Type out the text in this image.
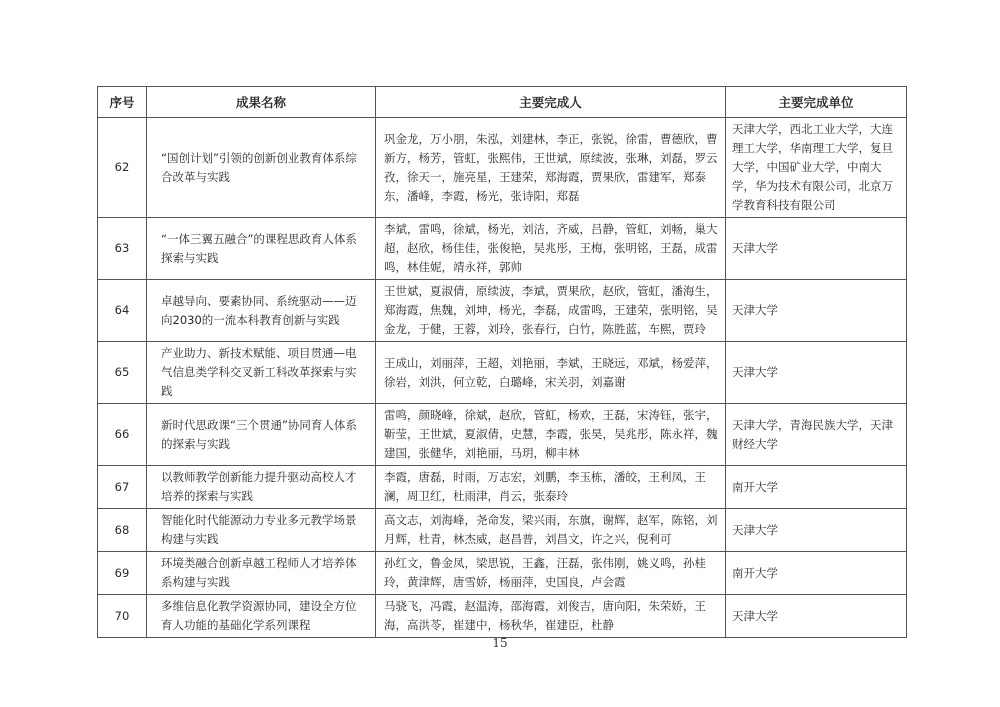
序号	成果名称	主要完成人	主要完成单位
62	“国创计划”引领的创新创业教育体系综合改革与实践	巩金龙，万小朋，朱泓，刘建林，李正，张锐，徐雷，曹德欣，曹新方，杨芳，管虹，张熙伟，王世斌，原续波，张琳，刘磊，罗云孜，徐天一，施亮星，王建荣，郑海霞，贾果欣，雷建军，郑泰东，潘峰，李霞，杨光，张诗阳，郑磊	天津大学，西北工业大学，大连理工大学，华南理工大学，复旦大学，中国矿业大学，中南大学，华为技术有限公司，北京万学教育科技有限公司
63	“一体三翼五融合”的课程思政育人体系探索与实践	李斌，雷鸣，徐斌，杨光，刘洁，齐威，吕静，管虹，刘畅，巢大超，赵欣，杨佳佳，张俊艳，吴兆彤，王梅，张明铭，王磊，成雷鸣，林佳妮，靖永祥，郭帅	天津大学
64	卓越导向、要素协同、系统驱动——迈向2030的一流本科教育创新与实践	王世斌，夏淑倩，原续波，李斌，贾果欣，赵欣，管虹，潘海生，郑海霞，焦魏，刘坤，杨光，李磊，成雷鸣，王建荣，张明铭，吴金龙，于健，王蓉，刘玲，张春行，白竹，陈胜蓝，车熙，贾玲	天津大学
65	产业助力、新技术赋能、项目贯通—电气信息类学科交叉新工科改革探索与实践	王成山，刘丽萍，王超，刘艳丽，李斌，王晓远，邓斌，杨爱萍，徐岩，刘洪，何立乾，白璐峰，宋关羽，刘嘉谢	天津大学
66	新时代思政课“三个贯通”协同育人体系的探索与实践	雷鸣，颜晓峰，徐斌，赵欣，管虹，杨欢，王磊，宋涛钰，张宇，靳莹，王世斌，夏淑倩，史慧，李霞，张昊，吴兆彤，陈永祥，魏建国，张健华，刘艳丽，马玥，柳丰林	天津大学，青海民族大学，天津财经大学
67	以教师教学创新能力提升驱动高校人才培养的探索与实践	李霞，唐磊，时雨，万志宏，刘鹏，李玉栋，潘皎，王利凤，王澜，周卫红，杜雨津，肖云，张泰玲	南开大学
68	智能化时代能源动力专业多元教学场景构建与实践	高文志，刘海峰，尧命发，梁兴雨，东旗，谢辉，赵军，陈铭，刘月辉，杜青，林杰威，赵昌普，刘昌文，许之兴，倪利可	天津大学
69	环境类融合创新卓越工程师人才培养体系构建与实践	孙红文，鲁金凤，梁思锐，王鑫，汪磊，张伟刚，姚义鸣，孙桂玲，黄津辉，唐雪娇，杨丽萍，史国良，卢会霞	南开大学
70	多维信息化教学资源协同，建设全方位育人功能的基础化学系列课程	马骁飞，冯霞，赵温涛，邵海霞，刘俊吉，唐向阳，朱荣娇，王海，高洪苓，崔建中，杨秋华，崔建臣，杜静	天津大学
15
